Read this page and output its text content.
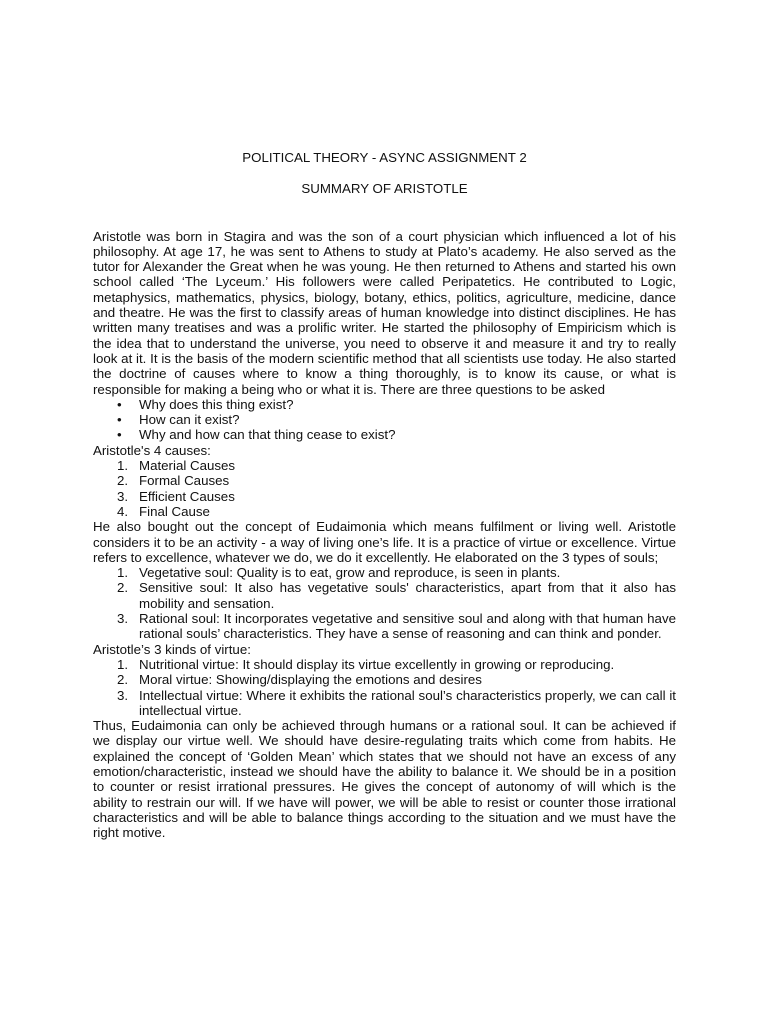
POLITICAL THEORY - ASYNC ASSIGNMENT 2

SUMMARY OF ARISTOTLE

Aristotle was born in Stagira and was the son of a court physician which influenced a lot of his philosophy. At age 17, he was sent to Athens to study at Plato’s academy. He also served as the tutor for Alexander the Great when he was young. He then returned to Athens and started his own school called ‘The Lyceum.’ His followers were called Peripatetics. He contributed to Logic, metaphysics, mathematics, physics, biology, botany, ethics, politics, agriculture, medicine, dance and theatre. He was the first to classify areas of human knowledge into distinct disciplines. He has written many treatises and was a prolific writer. He started the philosophy of Empiricism which is the idea that to understand the universe, you need to observe it and measure it and try to really look at it. It is the basis of the modern scientific method that all scientists use today. He also started the doctrine of causes where to know a thing thoroughly, is to know its cause, or what is responsible for making a being who or what it is. There are three questions to be asked

•	Why does this thing exist?
•	How can it exist?
•	Why and how can that thing cease to exist?

Aristotle's 4 causes:

1. Material Causes
2. Formal Causes
3. Efficient Causes
4. Final Cause

He also bought out the concept of Eudaimonia which means fulfilment or living well. Aristotle considers it to be an activity - a way of living one’s life. It is a practice of virtue or excellence. Virtue refers to excellence, whatever we do, we do it excellently. He elaborated on the 3 types of souls;

1. Vegetative soul: Quality is to eat, grow and reproduce, is seen in plants.
2. Sensitive soul: It also has vegetative souls' characteristics, apart from that it also has mobility and sensation.
3. Rational soul: It incorporates vegetative and sensitive soul and along with that human have rational souls’ characteristics. They have a sense of reasoning and can think and ponder.

Aristotle’s 3 kinds of virtue:

1. Nutritional virtue: It should display its virtue excellently in growing or reproducing.
2. Moral virtue: Showing/displaying the emotions and desires
3. Intellectual virtue: Where it exhibits the rational soul’s characteristics properly, we can call it intellectual virtue.

Thus, Eudaimonia can only be achieved through humans or a rational soul. It can be achieved if we display our virtue well. We should have desire-regulating traits which come from habits. He explained the concept of ‘Golden Mean’ which states that we should not have an excess of any emotion/characteristic, instead we should have the ability to balance it. We should be in a position to counter or resist irrational pressures. He gives the concept of autonomy of will which is the ability to restrain our will. If we have will power, we will be able to resist or counter those irrational characteristics and will be able to balance things according to the situation and we must have the right motive.
